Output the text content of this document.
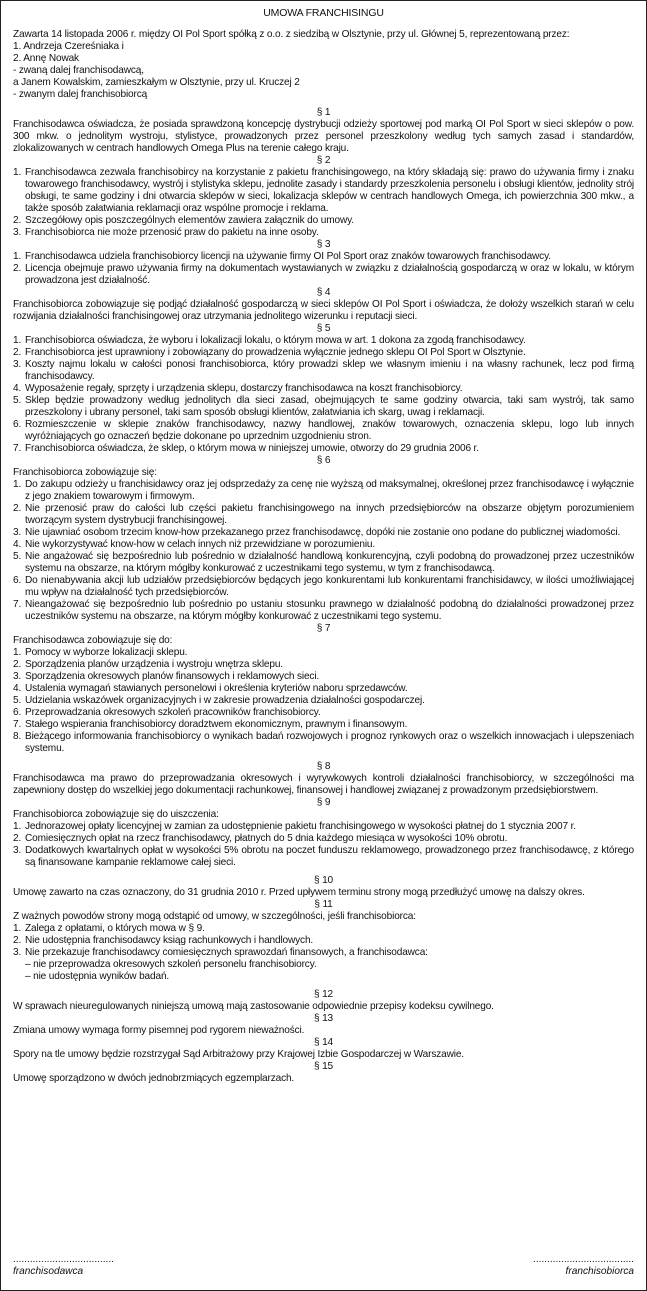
UMOWA FRANCHISINGU

Zawarta 14 listopada 2006 r. między OI Pol Sport spółką z o.o. z siedzibą w Olsztynie, przy ul. Głównej 5, reprezentowaną przez:

1. Andrzeja Czereśniaka i

2. Annę Nowak

- zwaną dalej franchisodawcą,

a Janem Kowalskim, zamieszkałym w Olsztynie, przy ul. Kruczej 2

- zwanym dalej franchisobiorcą

§ 1

Franchisodawca oświadcza, że posiada sprawdzoną koncepcję dystrybucji odzieży sportowej pod marką OI Pol Sport w sieci sklepów o pow. 300 mkw. o jednolitym wystroju, stylistyce, prowadzonych przez personel przeszkolony według tych samych zasad i standardów, zlokalizowanych w centrach handlowych Omega Plus na terenie całego kraju.

§ 2
1. Franchisodawca zezwala franchisobircy na korzystanie z pakietu franchisingowego, na który składają się: prawo do używania firmy i znaku towarowego franchisodawcy, wystrój i stylistyka sklepu, jednolite zasady i standardy przeszkolenia personelu i obsługi klientów, jednolity strój obsługi, te same godziny i dni otwarcia sklepów w sieci, lokalizacja sklepów w centrach handlowych Omega, ich powierzchnia 300 mkw., a także sposób załatwiania reklamacji oraz wspólne promocje i reklama.
2. Szczegółowy opis poszczególnych elementów zawiera załącznik do umowy.
3. Franchisobiorca nie może przenosić praw do pakietu na inne osoby.
§ 3
1. Franchisodawca udziela franchisobiorcy licencji na używanie firmy OI Pol Sport oraz znaków towarowych franchisodawcy.
2. Licencja obejmuje prawo używania firmy na dokumentach wystawianych w związku z działalnością gospodarczą w oraz w lokalu, w którym prowadzona jest działalność.
§ 4

Franchisobiorca zobowiązuje się podjąć działalność gospodarczą w sieci sklepów OI Pol Sport i oświadcza, że dołoży wszelkich starań w celu rozwijania działalności franchisingowej oraz utrzymania jednolitego wizerunku i reputacji sieci.

§ 5
1. Franchisobiorca oświadcza, że wyboru i lokalizacji lokalu, o którym mowa w art. 1 dokona za zgodą franchisodawcy.
2. Franchisobiorca jest uprawniony i zobowiązany do prowadzenia wyłącznie jednego sklepu OI Pol Sport w Olsztynie.
3. Koszty najmu lokalu w całości ponosi franchisobiorca, który prowadzi sklep we własnym imieniu i na własny rachunek, lecz pod firmą franchisodawcy.
4. Wyposażenie regały, sprzęty i urządzenia sklepu, dostarczy franchisodawca na koszt franchisobiorcy.
5. Sklep będzie prowadzony według jednolitych dla sieci zasad, obejmujących te same godziny otwarcia, taki sam wystrój, tak samo przeszkolony i ubrany personel, taki sam sposób obsługi klientów, załatwiania ich skarg, uwag i reklamacji.
6. Rozmieszczenie w sklepie znaków franchisodawcy, nazwy handlowej, znaków towarowych, oznaczenia sklepu, logo lub innych wyróżniających go oznaczeń będzie dokonane po uprzednim uzgodnieniu stron.
7. Franchisobiorca oświadcza, że sklep, o którym mowa w niniejszej umowie, otworzy do 29 grudnia 2006 r.
§ 6

Franchisobiorca zobowiązuje się:

1. Do zakupu odzieży u franchisidawcy oraz jej odsprzedaży za cenę nie wyższą od maksymalnej, określonej przez franchisodawcę i wyłącznie z jego znakiem towarowym i firmowym.
2. Nie przenosić praw do całości lub części pakietu franchisingowego na innych przedsiębiorców na obszarze objętym porozumieniem tworzącym system dystrybucji franchisingowej.
3. Nie ujawniać osobom trzecim know-how przekazanego przez franchisodawcę, dopóki nie zostanie ono podane do publicznej wiadomości.
4. Nie wykorzystywać know-how w celach innych niż przewidziane w porozumieniu.
5. Nie angażować się bezpośrednio lub pośrednio w działalność handlową konkurencyjną, czyli podobną do prowadzonej przez uczestników systemu na obszarze, na którym mógłby konkurować z uczestnikami tego systemu, w tym z franchisodawcą.
6. Do nienabywania akcji lub udziałów przedsiębiorców będących jego konkurentami lub konkurentami franchisidawcy, w ilości umożliwiającej mu wpływ na działalność tych przedsiębiorców.
7. Nieangażować się bezpośrednio lub pośrednio po ustaniu stosunku prawnego w działalność podobną do działalności prowadzonej przez uczestników systemu na obszarze, na którym mógłby konkurować z uczestnikami tego systemu.
§ 7

Franchisodawca zobowiązuje się do:

1. Pomocy w wyborze lokalizacji sklepu.
2. Sporządzenia planów urządzenia i wystroju wnętrza sklepu.
3. Sporządzenia okresowych planów finansowych i reklamowych sieci.
4. Ustalenia wymagań stawianych personelowi i określenia kryteriów naboru sprzedawców.
5. Udzielania wskazówek organizacyjnych i w zakresie prowadzenia działalności gospodarczej.
6. Przeprowadzania okresowych szkoleń pracowników franchisobiorcy.
7. Stałego wspierania franchisobiorcy doradztwem ekonomicznym, prawnym i finansowym.
8. Bieżącego informowania franchisobiorcy o wynikach badań rozwojowych i prognoz rynkowych oraz o wszelkich innowacjach i ulepszeniach systemu.
§ 8

Franchisodawca ma prawo do przeprowadzania okresowych i wyrywkowych kontroli działalności franchisobiorcy, w szczególności ma zapewniony dostęp do wszelkiej jego dokumentacji rachunkowej, finansowej i handlowej związanej z prowadzonym przedsiębiorstwem.

§ 9

Franchisobiorca zobowiązuje się do uiszczenia:

1. Jednorazowej opłaty licencyjnej w zamian za udostępnienie pakietu franchisingowego w wysokości płatnej do 1 stycznia 2007 r.
2. Comiesięcznych opłat na rzecz franchisodawcy, płatnych do 5 dnia każdego miesiąca w wysokości 10% obrotu.
3. Dodatkowych kwartalnych opłat w wysokości 5% obrotu na poczet funduszu reklamowego, prowadzonego przez franchisodawcę, z którego są finansowane kampanie reklamowe całej sieci.
§ 10

Umowę zawarto na czas oznaczony, do 31 grudnia 2010 r. Przed upływem terminu strony mogą przedłużyć umowę na dalszy okres.

§ 11

Z ważnych powodów strony mogą odstąpić od umowy, w szczególności, jeśli franchisobiorca:

1. Zalega z opłatami, o których mowa w § 9.
2. Nie udostępnia franchisodawcy ksiąg rachunkowych i handlowych.
3. Nie przekazuje franchisodawcy comiesięcznych sprawozdań finansowych, a franchisodawca:
– nie przeprowadza okresowych szkoleń personelu franchisobiorcy.
– nie udostępnia wyników badań.
§ 12

W sprawach nieuregulowanych niniejszą umową mają zastosowanie odpowiednie przepisy kodeksu cywilnego.

§ 13

Zmiana umowy wymaga formy pisemnej pod rygorem nieważności.

§ 14

Spory na tle umowy będzie rozstrzygał Sąd Arbitrażowy przy Krajowej Izbie Gospodarczej w Warszawie.

§ 15

Umowę sporządzono w dwóch jednobrzmiących egzemplarzach.

....................................
franchisodawca
....................................
franchisobiorca
